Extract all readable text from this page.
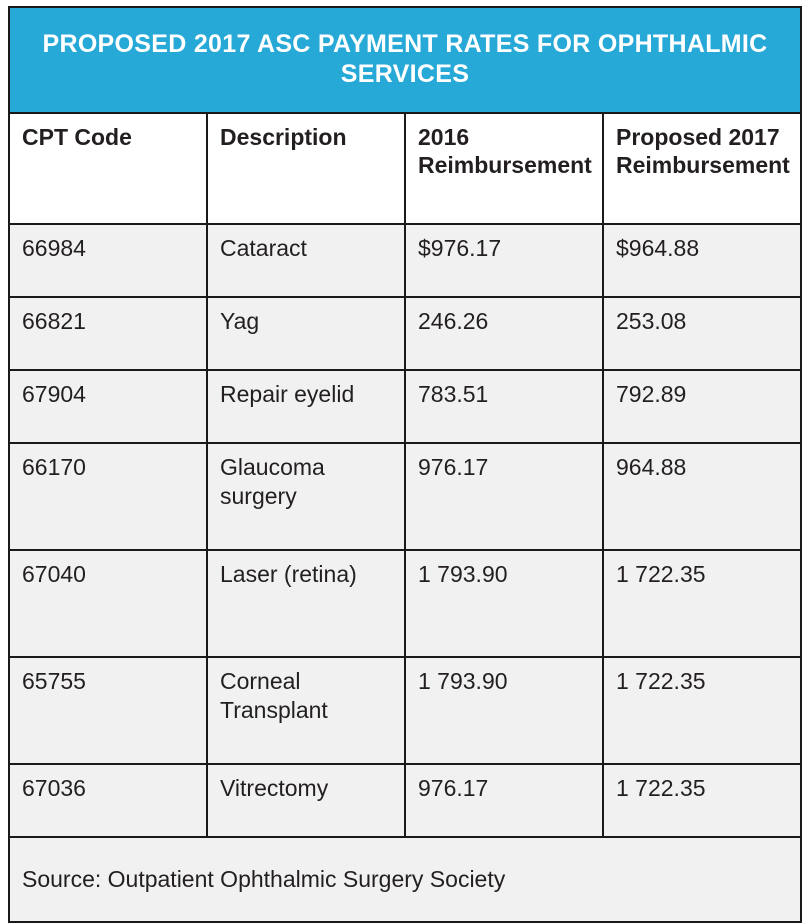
PROPOSED 2017 ASC PAYMENT RATES FOR OPHTHALMIC SERVICES			
CPT Code	Description	2016 Reimbursement	Proposed 2017 Reimbursement
66984	Cataract	$976.17	$964.88
66821	Yag	246.26	253.08
67904	Repair eyelid	783.51	792.89
66170	Glaucoma surgery	976.17	964.88
67040	Laser (retina)	1 793.90	1 722.35
65755	Corneal Transplant	1 793.90	1 722.35
67036	Vitrectomy	976.17	1 722.35
Source: Outpatient Ophthalmic Surgery Society			
